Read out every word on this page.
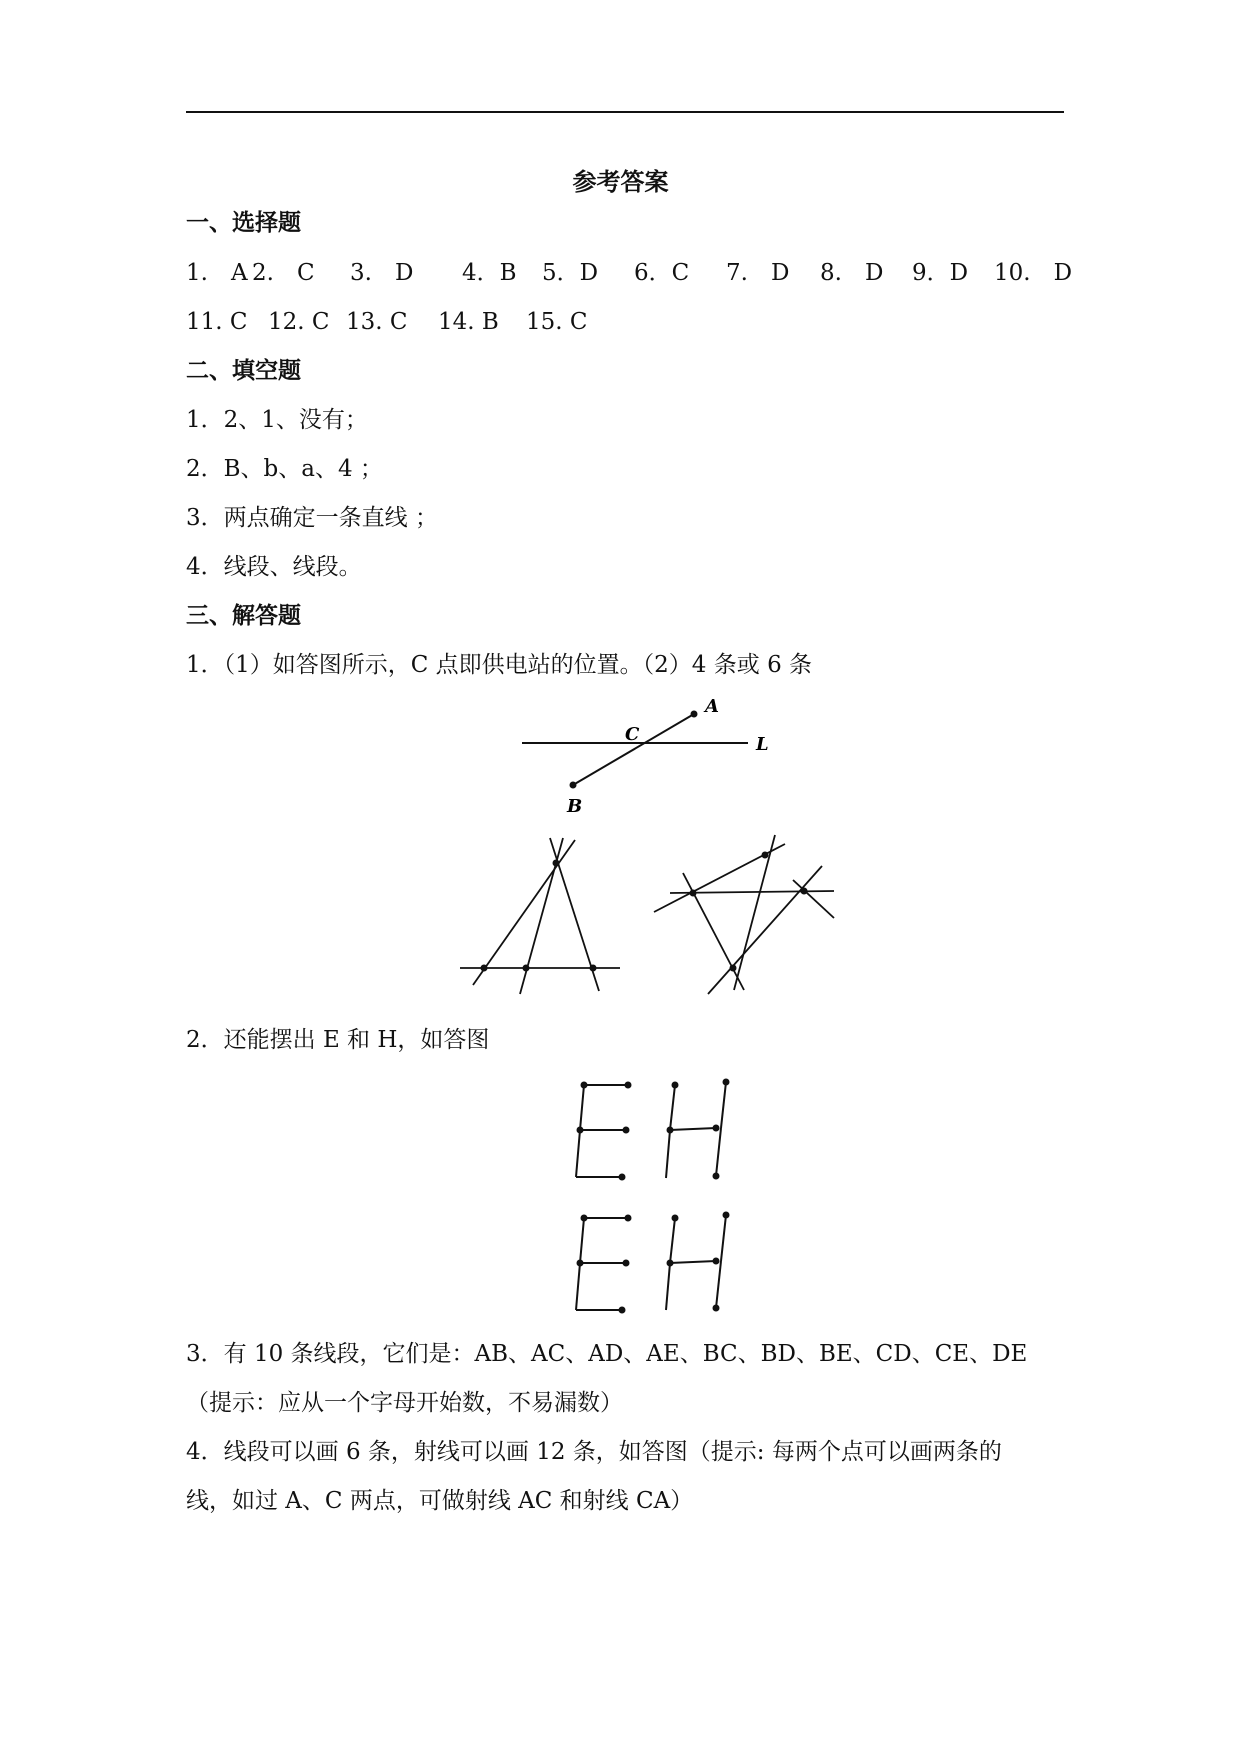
参考答案
一、选择题
1.　A 2.　C 3.　D 4．B 5．D 6．C 7.　D 8.　D 9．D 10.　D
11. C 12. C 13. C 14. B 15. C
二、填空题
1．2、1、没有；
2．B、b、a、4 ；
3．两点确定一条直线 ；
4．线段、线段。
三、解答题
1．（1）如答图所示，C 点即供电站的位置。（2）4 条或 6 条
A
B
C	L
2．还能摆出 E 和 H，如答图
3．有 10 条线段，它们是：AB、AC、AD、AE、BC、BD、BE、CD、CE、DE
（提示：应从一个字母开始数，不易漏数）
4．线段可以画 6 条，射线可以画 12 条，如答图（提示: 每两个点可以画两条的
线，如过 A、C 两点，可做射线 AC 和射线 CA）
